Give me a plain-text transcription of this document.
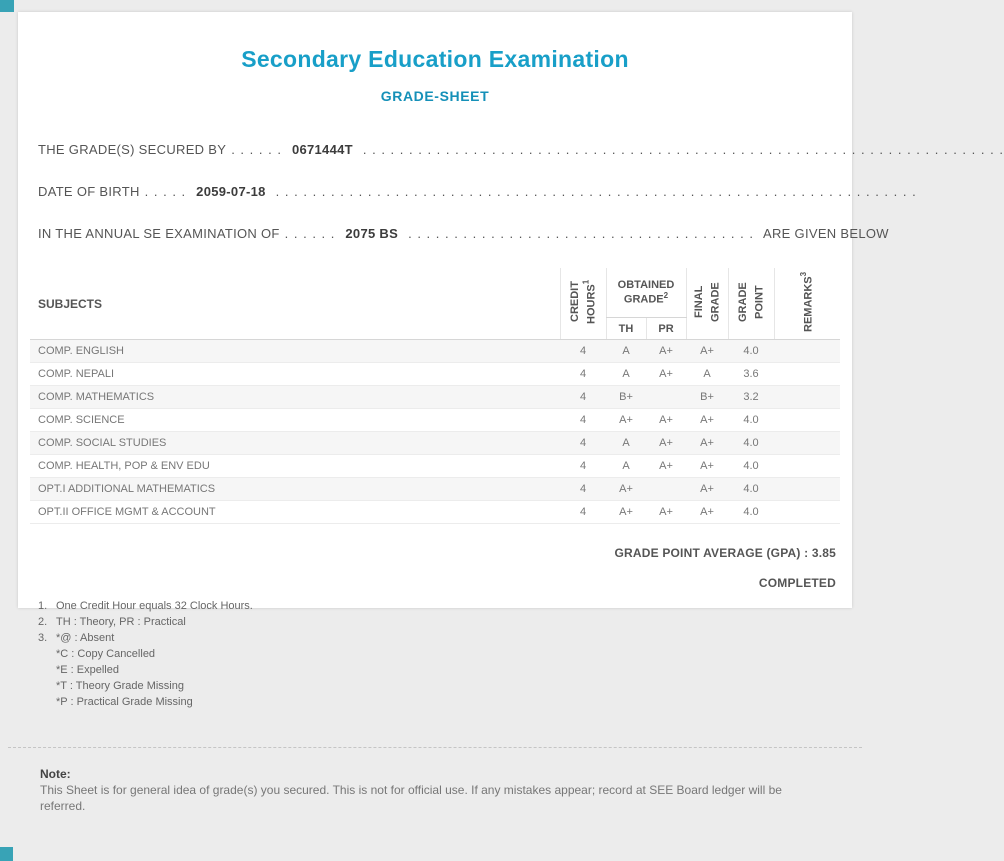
Secondary Education Examination
GRADE-SHEET
THE GRADE(S) SECURED BY . . . . . . 0671444T . . . . . . . . . . . . . . . . . . . . . . . . . . . . . . . . . . . . . . . . . . . . . . . . . . . . . . . . . . . . . . . . . . . . . .
DATE OF BIRTH . . . . . 2059-07-18 . . . . . . . . . . . . . . . . . . . . . . . . . . . . . . . . . . . . . . . . . . . . . . . . . . . . . . . . . . . . . . . . . . . . . .
IN THE ANNUAL SE EXAMINATION OF . . . . . . 2075 BS . . . . . . . . . . . . . . . . . . . . . . . . . . . . . . . . . . . . . . ARE GIVEN BELOW
SUBJECTS	CREDIT HOURS$^1$	OBTAINED GRADE$^2$		FINAL GRADE	GRADE POINT	REMARKS$^3$
		TH	PR			
COMP. ENGLISH	4	A	A+	A+	4.0	
COMP. NEPALI	4	A	A+	A	3.6	
COMP. MATHEMATICS	4	B+		B+	3.2	
COMP. SCIENCE	4	A+	A+	A+	4.0	
COMP. SOCIAL STUDIES	4	A	A+	A+	4.0	
COMP. HEALTH, POP & ENV EDU	4	A	A+	A+	4.0	
OPT.I ADDITIONAL MATHEMATICS	4	A+		A+	4.0	
OPT.II OFFICE MGMT & ACCOUNT	4	A+	A+	A+	4.0	
GRADE POINT AVERAGE (GPA) : 3.85
COMPLETED
1. One Credit Hour equals 32 Clock Hours.
2. TH : Theory, PR : Practical
3. *@ : Absent
*C : Copy Cancelled
*E : Expelled
*T : Theory Grade Missing
*P : Practical Grade Missing
Note:
This Sheet is for general idea of grade(s) you secured. This is not for official use. If any mistakes appear; record at SEE Board ledger will be referred.
